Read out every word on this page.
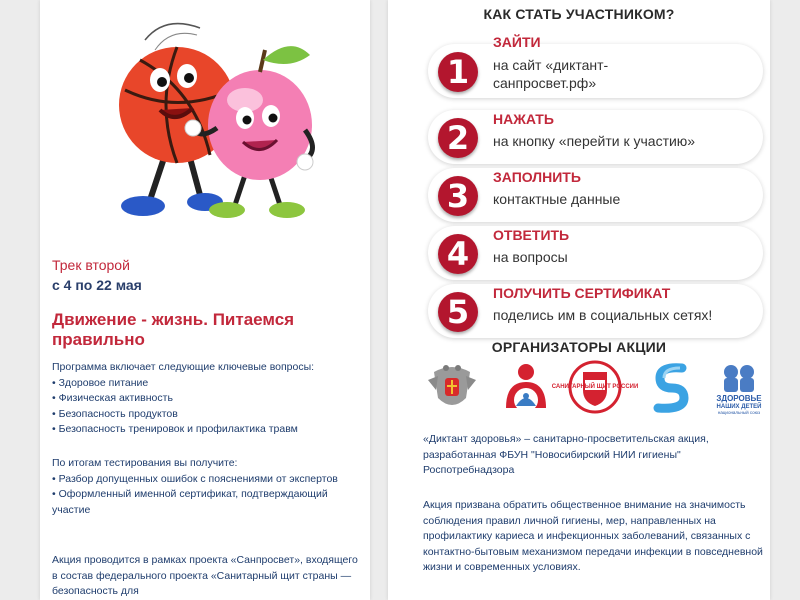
Трек второй
с 4 по 22 мая
Движение - жизнь. Питаемся правильно
Программа включает следующие ключевые вопросы:
• Здоровое питание
• Физическая активность
• Безопасность продуктов
• Безопасность тренировок и профилактика травм
По итогам тестирования вы получите:
• Разбор допущенных ошибок с пояснениями от экспертов
• Оформленный именной сертификат, подтверждающий участие
Акция проводится в рамках проекта «Санпросвет», входящего в состав федерального проекта «Санитарный щит страны — безопасность для
КАК СТАТЬ УЧАСТНИКОМ?
1
ЗАЙТИ
на сайт «диктант-санпросвет.рф»
2	НАЖАТЬ
на кнопку «перейти к участию»
3	ЗАПОЛНИТЬ
контактные данные
4	ОТВЕТИТЬ
на вопросы
5	ПОЛУЧИТЬ СЕРТИФИКАТ
поделись им в социальных сетях!
ОРГАНИЗАТОРЫ АКЦИИ
САНИТАРНЫЙ ЩИТ РОССИИ
ЗДОРОВЬЕ
НАШИХ ДЕТЕЙ
национальный союз
«Диктант здоровья» – санитарно-просветительская акция, разработанная ФБУН "Новосибирский НИИ гигиены" Роспотребнадзора
Акция призвана обратить общественное внимание на значимость соблюдения правил личной гигиены, мер, направленных на профилактику кариеса и инфекционных заболеваний, связанных с контактно-бытовым механизмом передачи инфекции в повседневной жизни и современных условиях.
